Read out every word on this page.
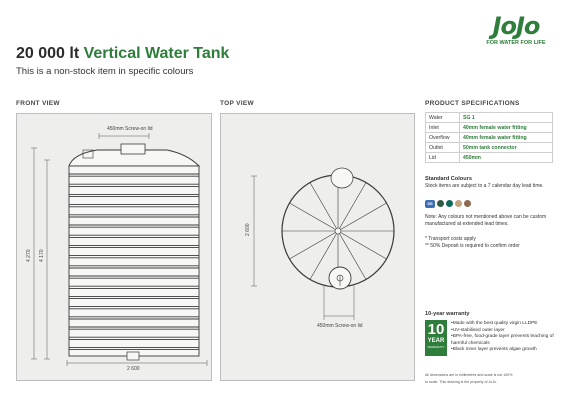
JoJo
FOR WATER FOR LIFE
20 000 lt Vertical Water Tank
This is a non-stock item in specific colours
FRONT VIEW	TOP VIEW	PRODUCT SPECIFICATIONS
450mm Screw-on lid
4 270 4 170
2 600
2 600
450mm Screw-on lid
Water	SG 1
Inlet	40mm female water fitting
Overflow	40mm female water fitting
Outlet	50mm tank connector
Lid	450mm
Standard Colours
Stock items are subject to a 7 calendar day lead time.
SS
Note: Any colours not mentioned above can be custom manufactured at extended lead times.
* Transport costs apply
** 50% Deposit is required to confirm order
10-year warranty
10
YEAR
WARRANTY
• Made with the best quality virgin LLDPE
• UV-stabilised outer layer
• BPA-free, food-grade layer prevents leaching of harmful chemicals
• Black inner layer prevents algae growth
All dimensions are in millimetres and scale is not 100%
to scale. This drawing is the property of JoJo.
